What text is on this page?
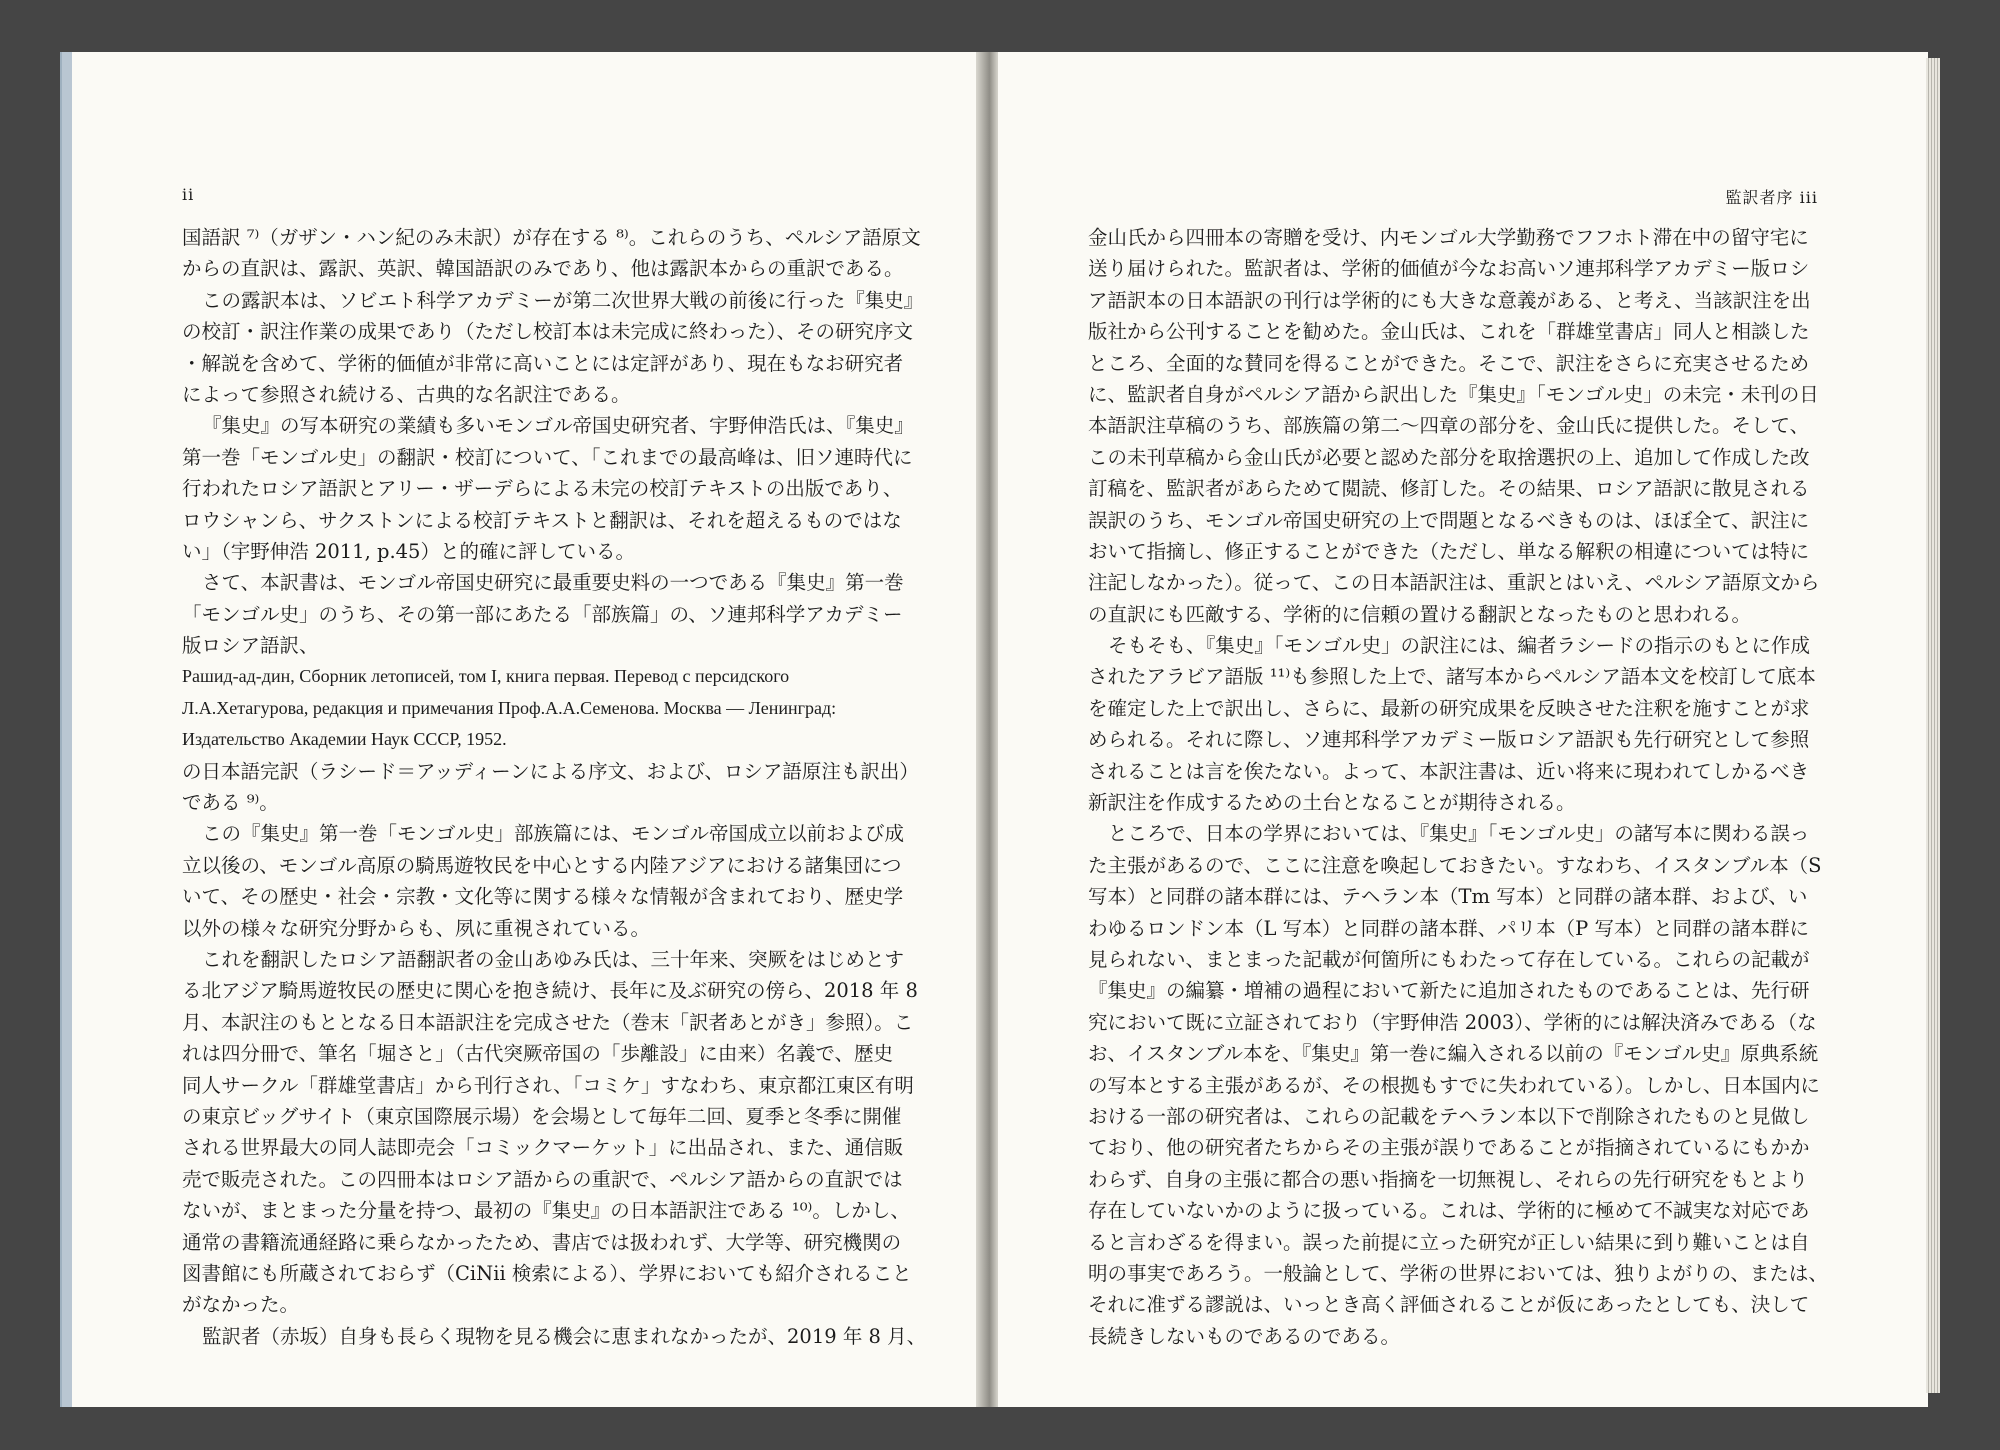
ii
国語訳 ⁷⁾（ガザン・ハン紀のみ未訳）が存在する ⁸⁾。これらのうち、ペルシア語原文
からの直訳は、露訳、英訳、韓国語訳のみであり、他は露訳本からの重訳である。
この露訳本は、ソビエト科学アカデミーが第二次世界大戦の前後に行った『集史』
の校訂・訳注作業の成果であり（ただし校訂本は未完成に終わった）、その研究序文
・解説を含めて、学術的価値が非常に高いことには定評があり、現在もなお研究者
によって参照され続ける、古典的な名訳注である。
『集史』の写本研究の業績も多いモンゴル帝国史研究者、宇野伸浩氏は、『集史』
第一巻「モンゴル史」の翻訳・校訂について、「これまでの最高峰は、旧ソ連時代に
行われたロシア語訳とアリー・ザーデらによる未完の校訂テキストの出版であり、
ロウシャンら、サクストンによる校訂テキストと翻訳は、それを超えるものではな
い」（宇野伸浩 2011, p.45）と的確に評している。
さて、本訳書は、モンゴル帝国史研究に最重要史料の一つである『集史』第一巻
「モンゴル史」のうち、その第一部にあたる「部族篇」の、ソ連邦科学アカデミー
版ロシア語訳、
Рашид-ад-дин, Сборник летописей, том I, книга первая. Перевод с персидского
Л.А.Хетагурова, редакция и примечания Проф.А.А.Семенова. Москва — Ленинград:
Издательство Академии Наук СССР, 1952.
の日本語完訳（ラシード＝アッディーンによる序文、および、ロシア語原注も訳出）
である ⁹⁾。
この『集史』第一巻「モンゴル史」部族篇には、モンゴル帝国成立以前および成
立以後の、モンゴル高原の騎馬遊牧民を中心とする内陸アジアにおける諸集団につ
いて、その歴史・社会・宗教・文化等に関する様々な情報が含まれており、歴史学
以外の様々な研究分野からも、夙に重視されている。
これを翻訳したロシア語翻訳者の金山あゆみ氏は、三十年来、突厥をはじめとす
る北アジア騎馬遊牧民の歴史に関心を抱き続け、長年に及ぶ研究の傍ら、2018 年 8
月、本訳注のもととなる日本語訳注を完成させた（巻末「訳者あとがき」参照）。こ
れは四分冊で、筆名「堀さと」（古代突厥帝国の「歩離設」に由来）名義で、歴史
同人サークル「群雄堂書店」から刊行され、「コミケ」すなわち、東京都江東区有明
の東京ビッグサイト（東京国際展示場）を会場として毎年二回、夏季と冬季に開催
される世界最大の同人誌即売会「コミックマーケット」に出品され、また、通信販
売で販売された。この四冊本はロシア語からの重訳で、ペルシア語からの直訳では
ないが、まとまった分量を持つ、最初の『集史』の日本語訳注である ¹⁰⁾。しかし、
通常の書籍流通経路に乗らなかったため、書店では扱われず、大学等、研究機関の
図書館にも所蔵されておらず（CiNii 検索による）、学界においても紹介されること
がなかった。
監訳者（赤坂）自身も長らく現物を見る機会に恵まれなかったが、2019 年 8 月、
監訳者序 iii
金山氏から四冊本の寄贈を受け、内モンゴル大学勤務でフフホト滞在中の留守宅に
送り届けられた。監訳者は、学術的価値が今なお高いソ連邦科学アカデミー版ロシ
ア語訳本の日本語訳の刊行は学術的にも大きな意義がある、と考え、当該訳注を出
版社から公刊することを勧めた。金山氏は、これを「群雄堂書店」同人と相談した
ところ、全面的な賛同を得ることができた。そこで、訳注をさらに充実させるため
に、監訳者自身がペルシア語から訳出した『集史』「モンゴル史」の未完・未刊の日
本語訳注草稿のうち、部族篇の第二～四章の部分を、金山氏に提供した。そして、
この未刊草稿から金山氏が必要と認めた部分を取捨選択の上、追加して作成した改
訂稿を、監訳者があらためて閲読、修訂した。その結果、ロシア語訳に散見される
誤訳のうち、モンゴル帝国史研究の上で問題となるべきものは、ほぼ全て、訳注に
おいて指摘し、修正することができた（ただし、単なる解釈の相違については特に
注記しなかった）。従って、この日本語訳注は、重訳とはいえ、ペルシア語原文から
の直訳にも匹敵する、学術的に信頼の置ける翻訳となったものと思われる。
そもそも、『集史』「モンゴル史」の訳注には、編者ラシードの指示のもとに作成
されたアラビア語版 ¹¹⁾も参照した上で、諸写本からペルシア語本文を校訂して底本
を確定した上で訳出し、さらに、最新の研究成果を反映させた注釈を施すことが求
められる。それに際し、ソ連邦科学アカデミー版ロシア語訳も先行研究として参照
されることは言を俟たない。よって、本訳注書は、近い将来に現われてしかるべき
新訳注を作成するための土台となることが期待される。
ところで、日本の学界においては、『集史』「モンゴル史」の諸写本に関わる誤っ
た主張があるので、ここに注意を喚起しておきたい。すなわち、イスタンブル本（S
写本）と同群の諸本群には、テヘラン本（Tm 写本）と同群の諸本群、および、い
わゆるロンドン本（L 写本）と同群の諸本群、パリ本（P 写本）と同群の諸本群に
見られない、まとまった記載が何箇所にもわたって存在している。これらの記載が
『集史』の編纂・増補の過程において新たに追加されたものであることは、先行研
究において既に立証されており（宇野伸浩 2003）、学術的には解決済みである（な
お、イスタンブル本を、『集史』第一巻に編入される以前の『モンゴル史』原典系統
の写本とする主張があるが、その根拠もすでに失われている）。しかし、日本国内に
おける一部の研究者は、これらの記載をテヘラン本以下で削除されたものと見做し
ており、他の研究者たちからその主張が誤りであることが指摘されているにもかか
わらず、自身の主張に都合の悪い指摘を一切無視し、それらの先行研究をもとより
存在していないかのように扱っている。これは、学術的に極めて不誠実な対応であ
ると言わざるを得まい。誤った前提に立った研究が正しい結果に到り難いことは自
明の事実であろう。一般論として、学術の世界においては、独りよがりの、または、
それに准ずる謬説は、いっとき高く評価されることが仮にあったとしても、決して
長続きしないものであるのである。
